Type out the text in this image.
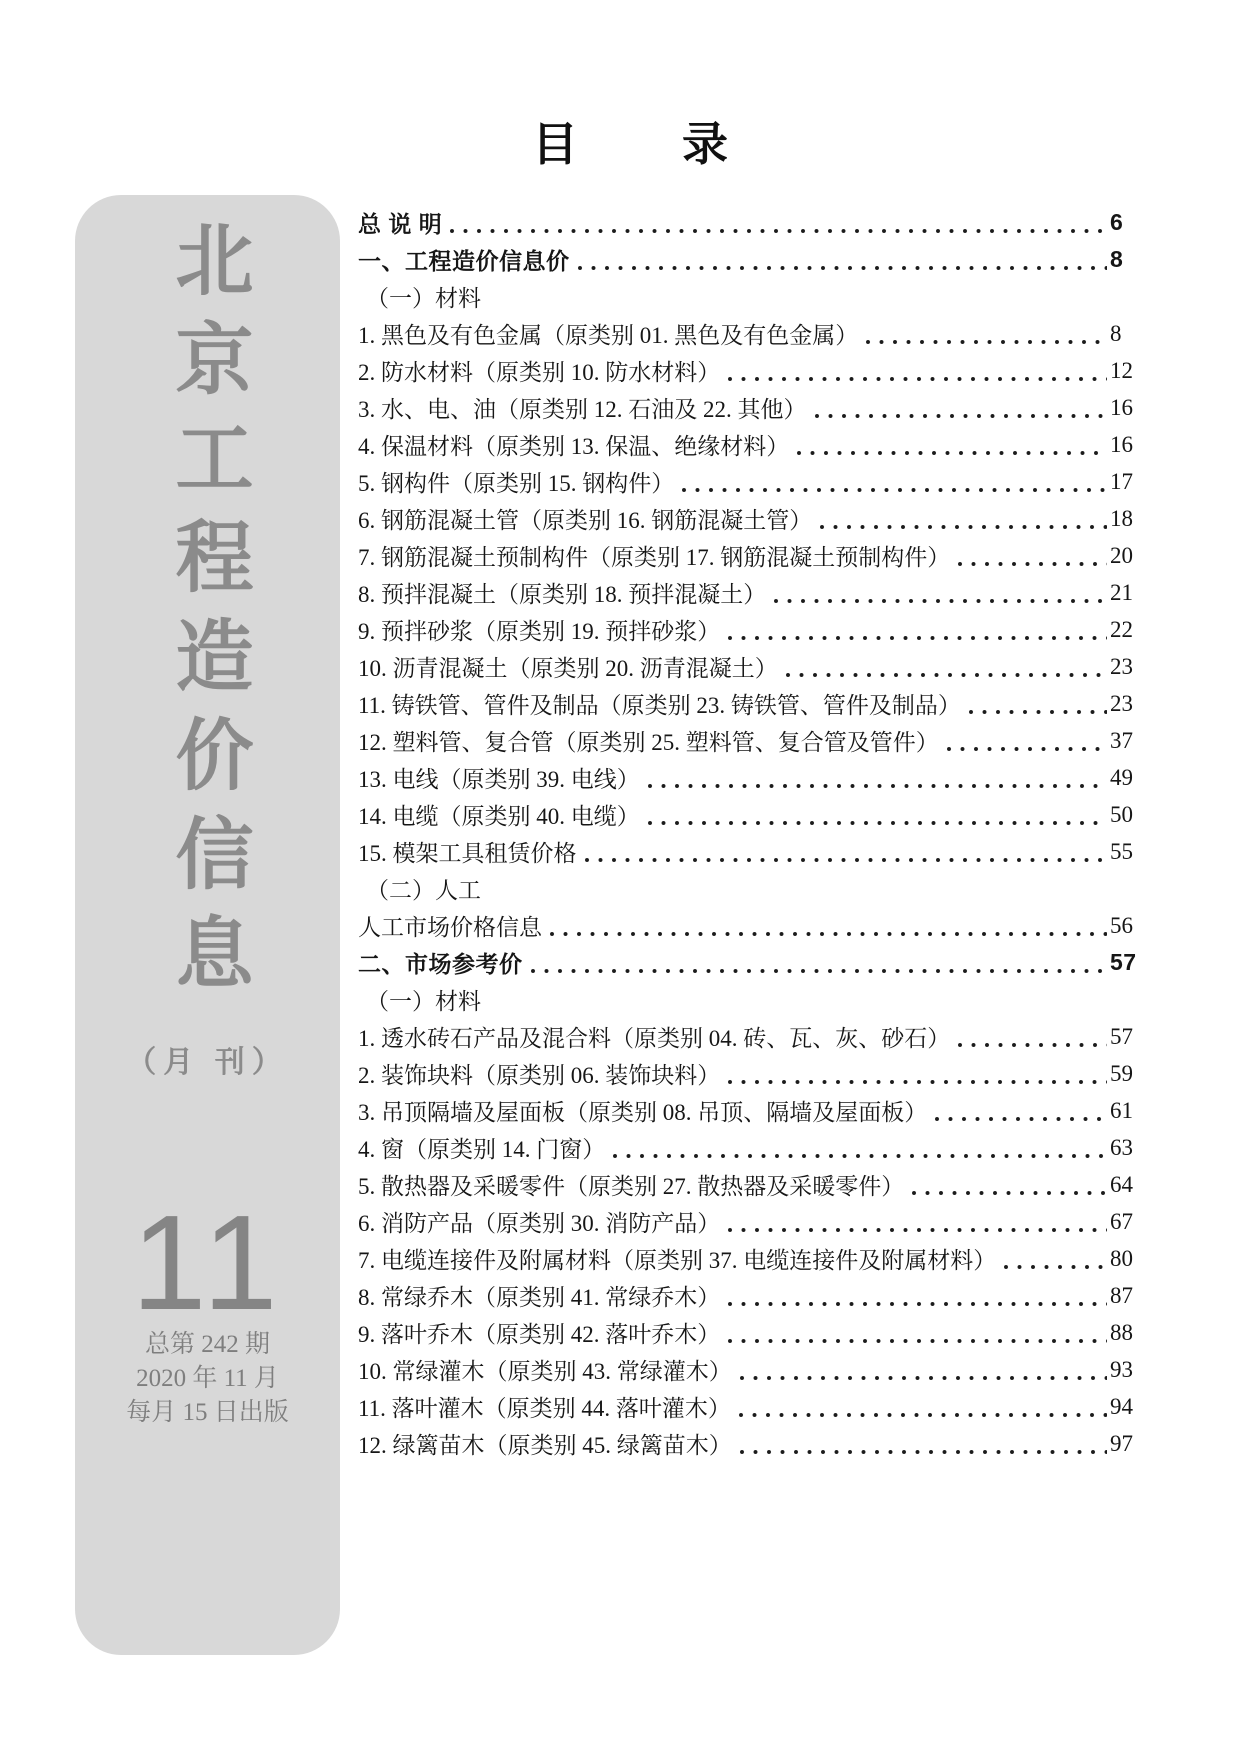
北京工程造价信息
（月 刊）
11
总第 242 期
2020 年 11 月
每月 15 日出版
目 录
总 说 明	6
一、工程造价信息价	8
（一）材料
1. 黑色及有色金属（原类别 01. 黑色及有色金属）	8
2. 防水材料（原类别 10. 防水材料）	12
3. 水、电、油（原类别 12. 石油及 22. 其他）	16
4. 保温材料（原类别 13. 保温、绝缘材料）	16
5. 钢构件（原类别 15. 钢构件）	17
6. 钢筋混凝土管（原类别 16. 钢筋混凝土管）	18
7. 钢筋混凝土预制构件（原类别 17. 钢筋混凝土预制构件）	20
8. 预拌混凝土（原类别 18. 预拌混凝土）	21
9. 预拌砂浆（原类别 19. 预拌砂浆）	22
10. 沥青混凝土（原类别 20. 沥青混凝土）	23
11. 铸铁管、管件及制品（原类别 23. 铸铁管、管件及制品）	23
12. 塑料管、复合管（原类别 25. 塑料管、复合管及管件）	37
13. 电线（原类别 39. 电线）	49
14. 电缆（原类别 40. 电缆）	50
15. 模架工具租赁价格	55
（二）人工
人工市场价格信息	56
二、市场参考价	57
（一）材料
1. 透水砖石产品及混合料（原类别 04. 砖、瓦、灰、砂石）	57
2. 装饰块料（原类别 06. 装饰块料）	59
3. 吊顶隔墙及屋面板（原类别 08. 吊顶、隔墙及屋面板）	61
4. 窗（原类别 14. 门窗）	63
5. 散热器及采暖零件（原类别 27. 散热器及采暖零件）	64
6. 消防产品（原类别 30. 消防产品）	67
7. 电缆连接件及附属材料（原类别 37. 电缆连接件及附属材料）	80
8. 常绿乔木（原类别 41. 常绿乔木）	87
9. 落叶乔木（原类别 42. 落叶乔木）	88
10. 常绿灌木（原类别 43. 常绿灌木）	93
11. 落叶灌木（原类别 44. 落叶灌木）	94
12. 绿篱苗木（原类别 45. 绿篱苗木）	97
